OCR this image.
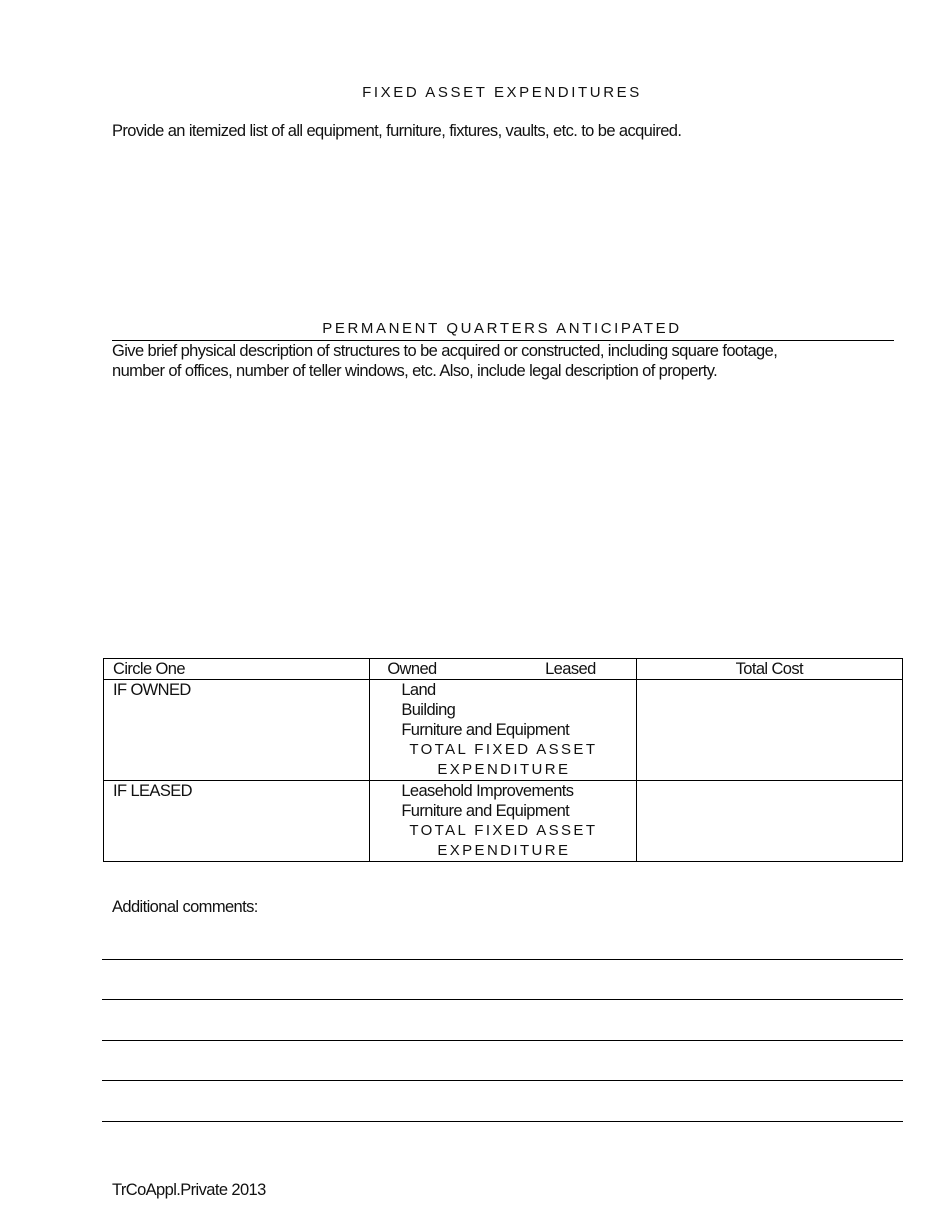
FIXED ASSET EXPENDITURES
Provide an itemized list of all equipment, furniture, fixtures, vaults, etc. to be acquired.
PERMANENT QUARTERS ANTICIPATED
Give brief physical description of structures to be acquired or constructed, including square footage,
number of offices, number of teller windows, etc. Also, include legal description of property.
Circle One	Owned Leased	Total Cost
IF OWNED	Land
Building
Furniture and Equipment
TOTAL FIXED ASSET
EXPENDITURE	

IF LEASED	Leasehold Improvements
Furniture and Equipment
TOTAL FIXED ASSET
EXPENDITURE	

Additional comments:
TrCoAppl.Private 2013
